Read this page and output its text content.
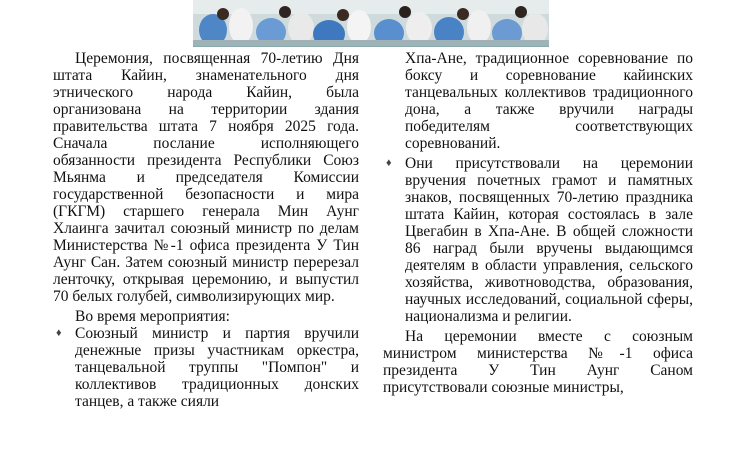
Церемония, посвященная 70-летию Дня штата Кайин, знаменательного дня этнического народа Кайин, была организована на территории здания правительства штата 7 ноября 2025 года. Сначала послание исполняющего обязанности президента Республики Союз Мьянма и председателя Комиссии государственной безопасности и мира (ГКГМ) старшего генерала Мин Аунг Хлаинга зачитал союзный министр по делам Министерства №-1 офиса президента У Тин Аунг Сан. Затем союзный министр перерезал ленточку, открывая церемонию, и выпустил 70 белых голубей, символизирующих мир.

Во время мероприятия:

♦ Союзный министр и партия вручили денежные призы участникам оркестра, танцевальной труппы "Помпон" и коллективов традиционных донских танцев, а также сияли
Хпа-Ане, традиционное соревнование по боксу и соревнование кайинских танцевальных коллективов традиционного дона, а также вручили награды победителям соответствующих соревнований.
♦ Они присутствовали на церемонии вручения почетных грамот и памятных знаков, посвященных 70-летию праздника штата Кайин, которая состоялась в зале Цвегабин в Хпа-Ане. В общей сложности 86 наград были вручены выдающимся деятелям в области управления, сельского хозяйства, животноводства, образования, научных исследований, социальной сферы, национализма и религии.

На церемонии вместе с союзным министром министерства №-1 офиса президента У Тин Аунг Саном присутствовали союзные министры,
